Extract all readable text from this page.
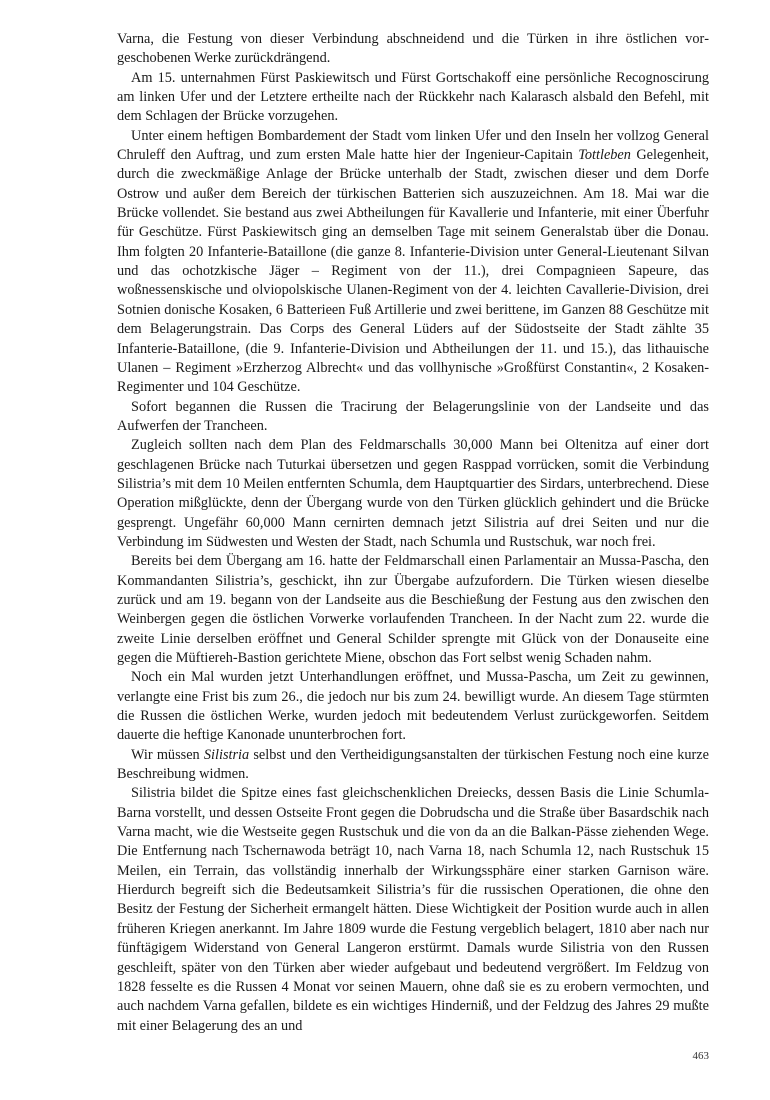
Varna, die Festung von dieser Verbindung abschneidend und die Türken in ihre östlichen vorgeschobenen Werke zurückdrängend.

Am 15. unternahmen Fürst Paskiewitsch und Fürst Gortschakoff eine persönliche Recognoscirung am linken Ufer und der Letztere ertheilte nach der Rückkehr nach Kalarasch alsbald den Befehl, mit dem Schlagen der Brücke vorzugehen.

Unter einem heftigen Bombardement der Stadt vom linken Ufer und den Inseln her vollzog General Chruleff den Auftrag, und zum ersten Male hatte hier der Ingenieur-Capitain Tottleben Gelegenheit, durch die zweckmäßige Anlage der Brücke unterhalb der Stadt, zwischen dieser und dem Dorfe Ostrow und außer dem Bereich der türkischen Batterien sich auszuzeichnen. Am 18. Mai war die Brücke vollendet. Sie bestand aus zwei Abtheilungen für Kavallerie und Infanterie, mit einer Überfuhr für Geschütze. Fürst Paskiewitsch ging an demselben Tage mit seinem Generalstab über die Donau. Ihm folgten 20 Infanterie-Bataillone (die ganze 8. Infanterie-Division unter General-Lieutenant Silvan und das ochotzkische Jäger – Regiment von der 11.), drei Compagnieen Sapeure, das woßnessenskische und olviopolskische Ulanen-Regiment von der 4. leichten Cavallerie-Division, drei Sotnien donische Kosaken, 6 Batterieen Fuß Artillerie und zwei berittene, im Ganzen 88 Geschütze mit dem Belagerungstrain. Das Corps des General Lüders auf der Südostseite der Stadt zählte 35 Infanterie-Bataillone, (die 9. Infanterie-Division und Abtheilungen der 11. und 15.), das lithauische Ulanen – Regiment »Erzherzog Albrecht« und das vollhynische »Großfürst Constantin«, 2 Kosaken-Regimenter und 104 Geschütze.

Sofort begannen die Russen die Tracirung der Belagerungslinie von der Landseite und das Aufwerfen der Trancheen.

Zugleich sollten nach dem Plan des Feldmarschalls 30,000 Mann bei Oltenitza auf einer dort geschlagenen Brücke nach Tuturkai übersetzen und gegen Raspрad vorrücken, somit die Verbindung Silistria’s mit dem 10 Meilen entfernten Schumla, dem Hauptquartier des Sirdars, unterbrechend. Diese Operation mißglückte, denn der Übergang wurde von den Türken glücklich gehindert und die Brücke gesprengt. Ungefähr 60,000 Mann cernirten demnach jetzt Silistria auf drei Seiten und nur die Verbindung im Südwesten und Westen der Stadt, nach Schumla und Rustschuk, war noch frei.

Bereits bei dem Übergang am 16. hatte der Feldmarschall einen Parlamentair an Mussa-Pascha, den Kommandanten Silistria’s, geschickt, ihn zur Übergabe aufzufordern. Die Türken wiesen dieselbe zurück und am 19. begann von der Landseite aus die Beschießung der Festung aus den zwischen den Weinbergen gegen die östlichen Vorwerke vorlaufenden Trancheen. In der Nacht zum 22. wurde die zweite Linie derselben eröffnet und General Schilder sprengte mit Glück von der Donauseite eine gegen die Müftiereh-Bastion gerichtete Miene, obschon das Fort selbst wenig Schaden nahm.

Noch ein Mal wurden jetzt Unterhandlungen eröffnet, und Mussa-Pascha, um Zeit zu gewinnen, verlangte eine Frist bis zum 26., die jedoch nur bis zum 24. bewilligt wurde. An diesem Tage stürmten die Russen die östlichen Werke, wurden jedoch mit bedeutendem Verlust zurückgeworfen. Seitdem dauerte die heftige Kanonade ununterbrochen fort.

Wir müssen Silistria selbst und den Vertheidigungsanstalten der türkischen Festung noch eine kurze Beschreibung widmen.

Silistria bildet die Spitze eines fast gleichschenklichen Dreiecks, dessen Basis die Linie Schumla-Barna vorstellt, und dessen Ostseite Front gegen die Dobrudscha und die Straße über Basardschik nach Varna macht, wie die Westseite gegen Rustschuk und die von da an die Balkan-Pässe ziehenden Wege. Die Entfernung nach Tschernawoda beträgt 10, nach Varna 18, nach Schumla 12, nach Rustschuk 15 Meilen, ein Terrain, das vollständig innerhalb der Wirkungssphäre einer starken Garnison wäre. Hierdurch begreift sich die Bedeutsamkeit Silistria’s für die russischen Operationen, die ohne den Besitz der Festung der Sicherheit ermangelt hätten. Diese Wichtigkeit der Position wurde auch in allen früheren Kriegen anerkannt. Im Jahre 1809 wurde die Festung vergeblich belagert, 1810 aber nach nur fünftägigem Widerstand von General Langeron erstürmt. Damals wurde Silistria von den Russen geschleift, später von den Türken aber wieder aufgebaut und bedeutend vergrößert. Im Feldzug von 1828 fesselte es die Russen 4 Monat vor seinen Mauern, ohne daß sie es zu erobern vermochten, und auch nachdem Varna gefallen, bildete es ein wichtiges Hinderniß, und der Feldzug des Jahres 29 mußte mit einer Belagerung des an und

463
